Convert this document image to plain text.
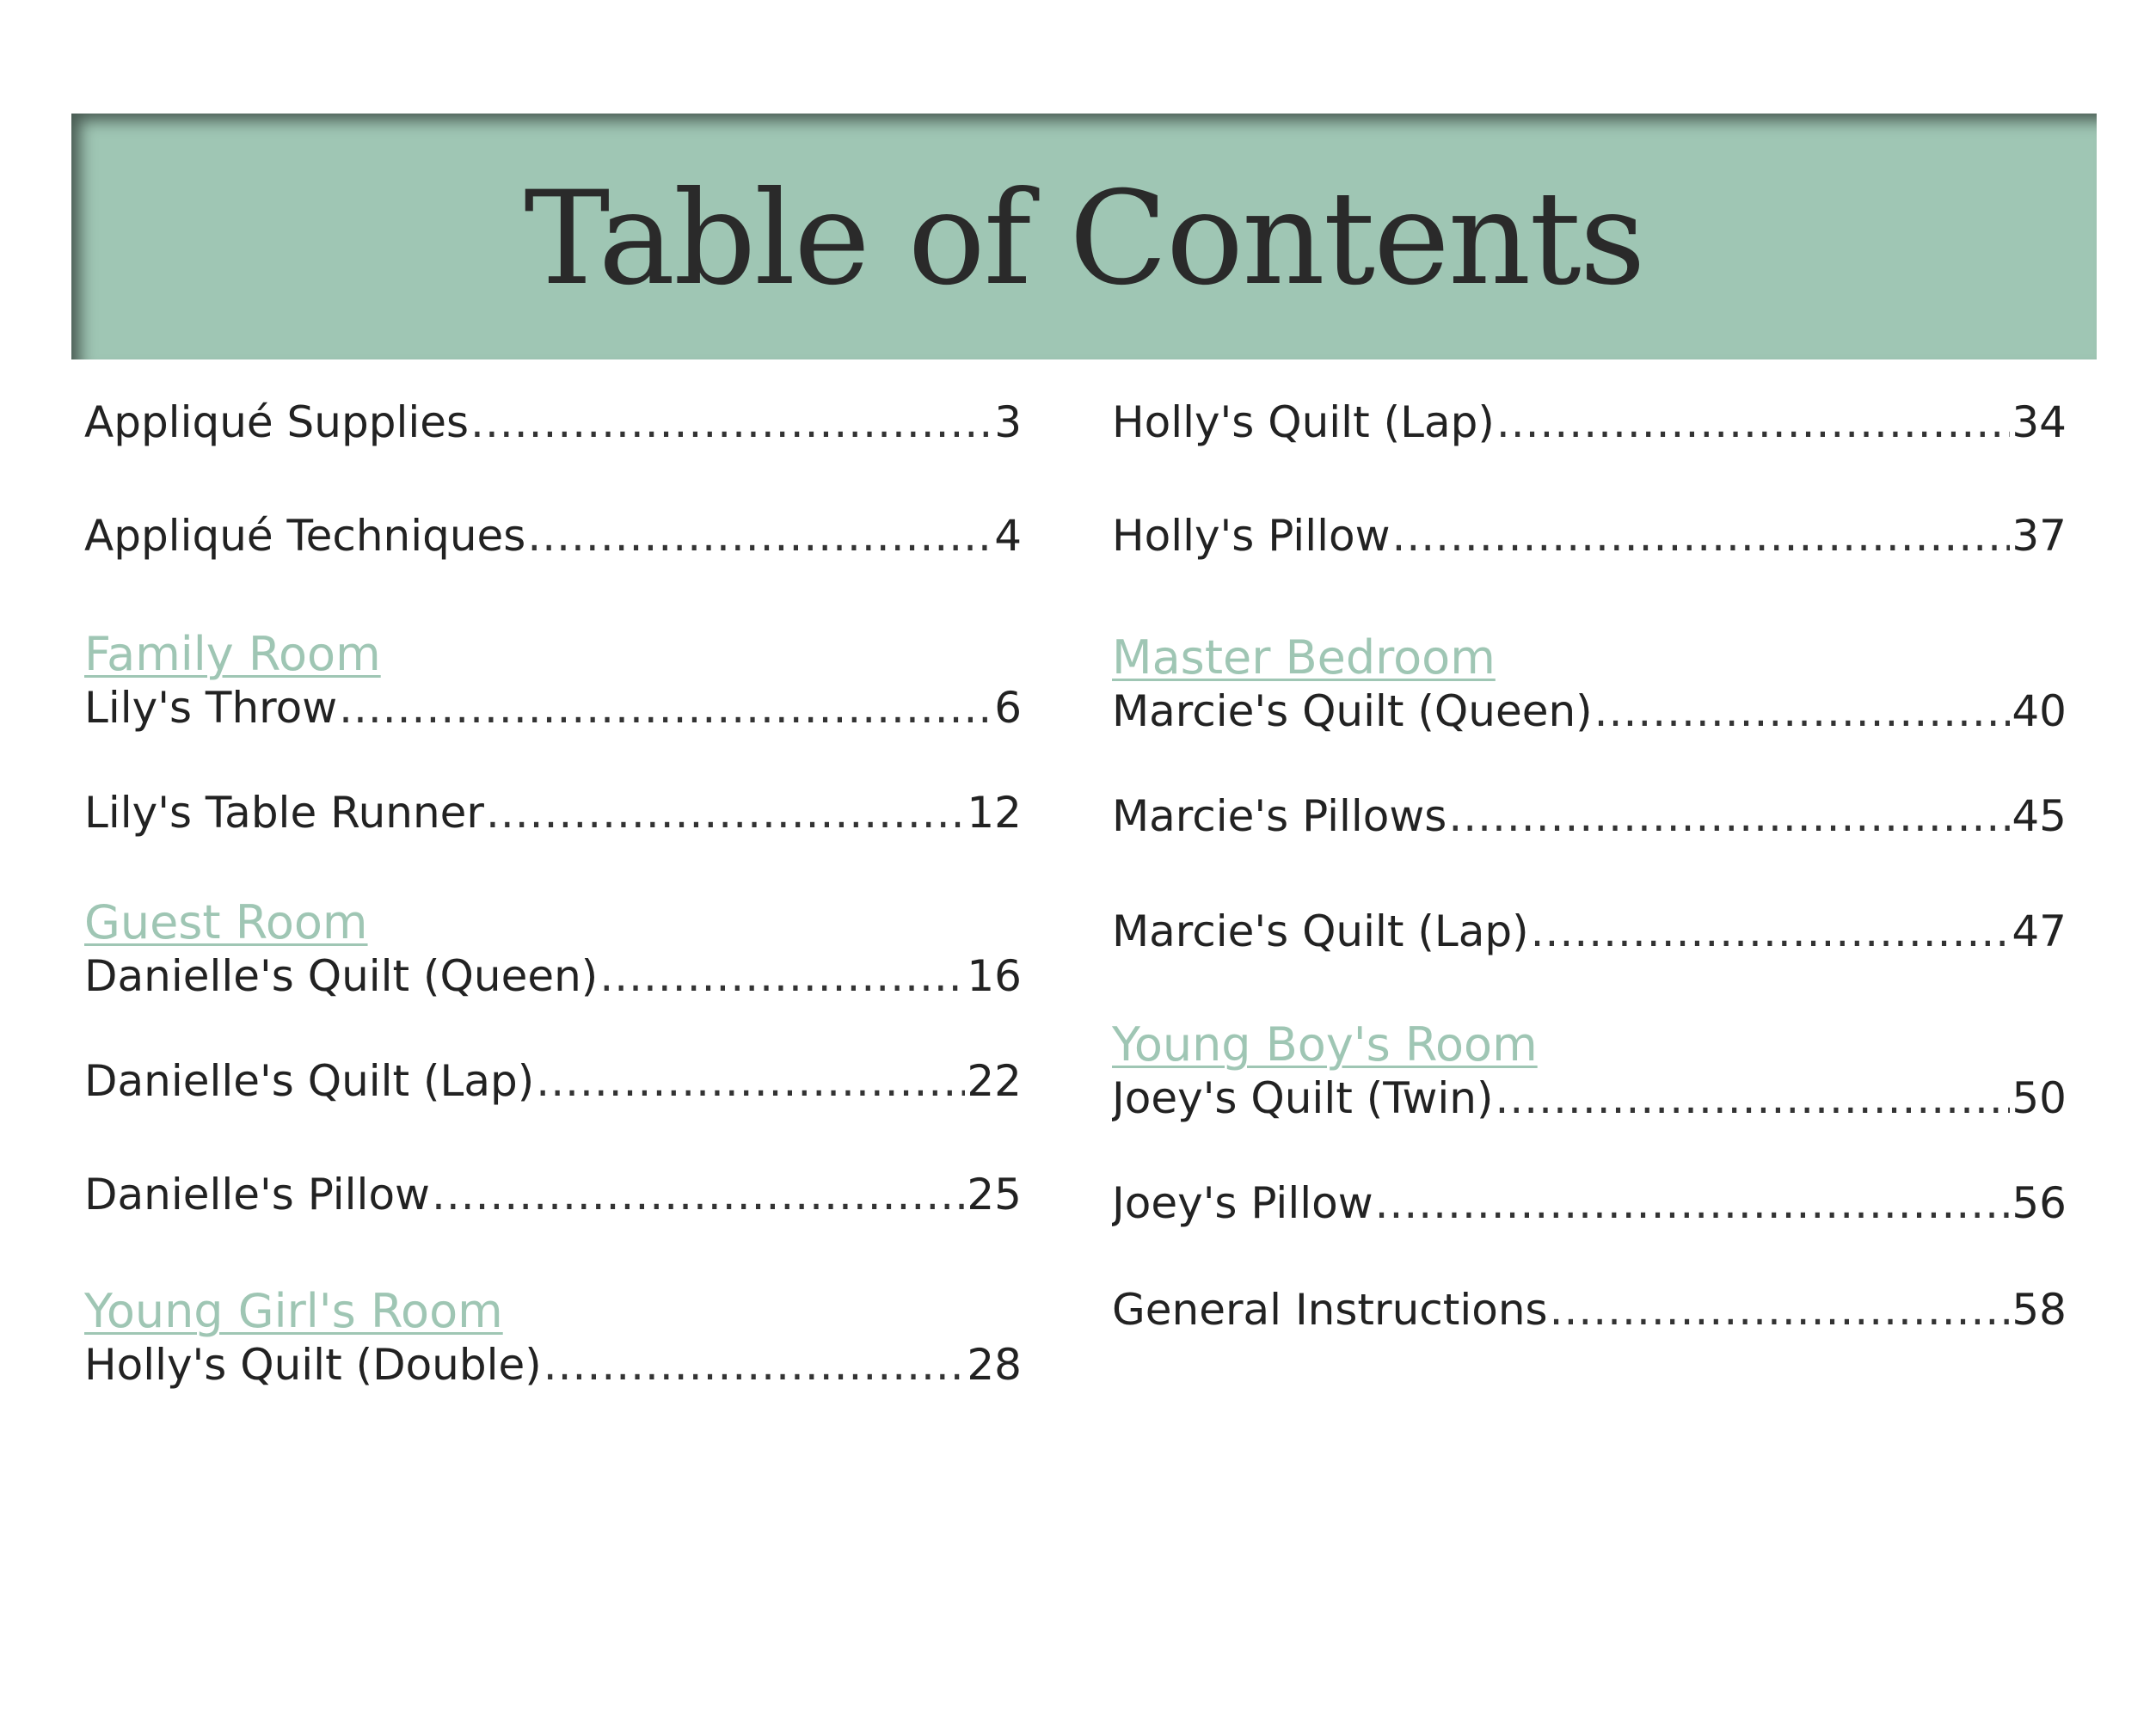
Table of Contents
Appliqué Supplies .....	3
Appliqué Techniques .....	4
Family Room
Lily's Throw .....	6
Lily's Table Runner .....	12
Guest Room
Danielle's Quilt (Queen) .....	16
Danielle's Quilt (Lap) .....	22
Danielle's Pillow .....	25
Young Girl's Room
Holly's Quilt (Double) .....	28
Holly's Quilt (Lap) .....	34
Holly's Pillow .....	37
Master Bedroom
Marcie's Quilt (Queen) .....	40
Marcie's Pillows .....	45
Marcie's Quilt (Lap) .....	47
Young Boy's Room
Joey's Quilt (Twin) .....	50
Joey's Pillow .....	56
General Instructions .....	58
